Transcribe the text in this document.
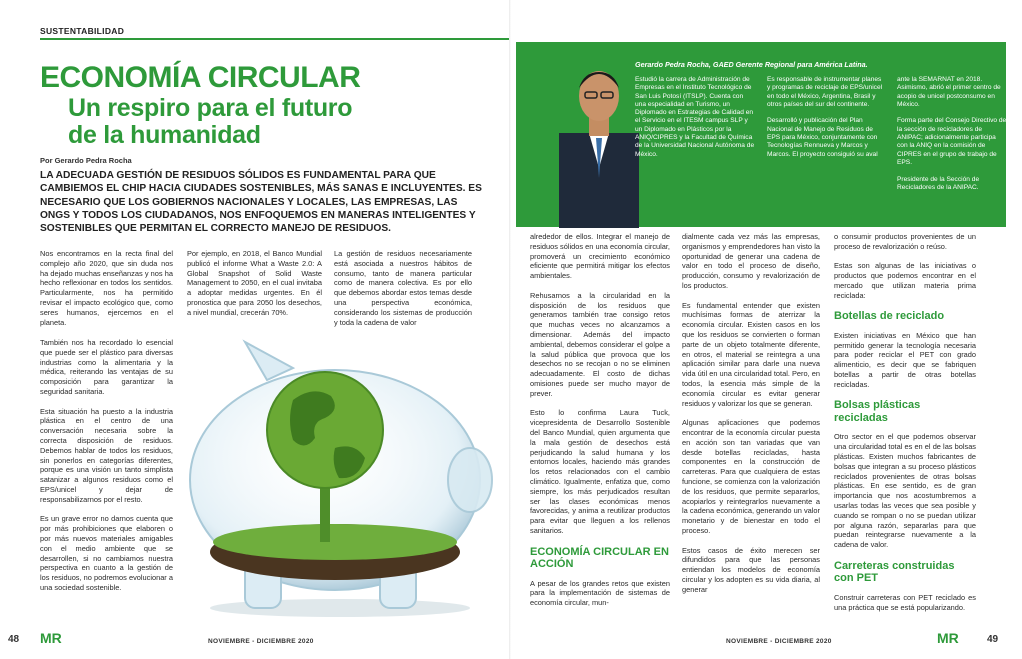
SUSTENTABILIDAD
ECONOMÍA CIRCULAR
Un respiro para el futuro de la humanidad
Por Gerardo Pedra Rocha
LA ADECUADA GESTIÓN DE RESIDUOS SÓLIDOS ES FUNDAMENTAL PARA QUE CAMBIEMOS EL CHIP HACIA CIUDADES SOSTENIBLES, MÁS SANAS E INCLUYENTES. ES NECESARIO QUE LOS GOBIERNOS NACIONALES Y LOCALES, LAS EMPRESAS, LAS ONGS Y TODOS LOS CIUDADANOS, NOS ENFOQUEMOS EN MANERAS INTELIGENTES Y SOSTENIBLES QUE PERMITAN EL CORRECTO MANEJO DE RESIDUOS.

Nos encontramos en la recta final del complejo año 2020, que sin duda nos ha dejado muchas enseñanzas y nos ha hecho reflexionar en todos los sentidos. Particularmente, nos ha permitido revisar el impacto ecológico que, como seres humanos, ejercemos en el planeta.

También nos ha recordado lo esencial que puede ser el plástico para diversas industrias como la alimentaria y la médica, reiterando las ventajas de su composición para garantizar la seguridad sanitaria.

Esta situación ha puesto a la industria plástica en el centro de una conversación necesaria sobre la correcta disposición de residuos. Debemos hablar de todos los residuos, sin ponerlos en categorías diferentes, porque es una visión un tanto simplista satanizar a algunos residuos como el EPS/unicel y dejar de responsabilizarnos por el resto.

Es un grave error no darnos cuenta que por más prohibiciones que elaboren o por más nuevos materiales amigables con el medio ambiente que se desarrollen, si no cambiamos nuestra perspectiva en cuanto a la gestión de los residuos, no podremos evolucionar a una sociedad sostenible.

Por ejemplo, en 2018, el Banco Mundial publicó el informe What a Waste 2.0: A Global Snapshot of Solid Waste Management to 2050, en el cual invitaba a adoptar medidas urgentes. En él pronostica que para 2050 los desechos, a nivel mundial, crecerán 70%.

La gestión de residuos necesariamente está asociada a nuestros hábitos de consumo, tanto de manera particular como de manera colectiva. Es por ello que debemos abordar estos temas desde una perspectiva económica, considerando los sistemas de producción y toda la cadena de valor

48 MR	NOVIEMBRE - DICIEMBRE 2020
Gerardo Pedra Rocha, GAED Gerente Regional para América Latina.

Estudió la carrera de Administración de Empresas en el Instituto Tecnológico de San Luis Potosí (ITSLP). Cuenta con una especialidad en Turismo, un Diplomado en Estrategias de Calidad en el Servicio en el ITESM campus SLP y un Diplomado en Plásticos por la ANIQ/CIPRES y la Facultad de Química de la Universidad Nacional Autónoma de México.

Es responsable de instrumentar planes y programas de reciclaje de EPS/unicel en todo el México, Argentina, Brasil y otros países del sur del continente.

Desarrolló y publicación del Plan Nacional de Manejo de Residuos de EPS para México, conjuntamente con Tecnologías Rennueva y Marcos y Marcos. El proyecto consiguió su aval

ante la SEMARNAT en 2018. Asimismo, abrió el primer centro de acopio de unicel postconsumo en México.

Forma parte del Consejo Directivo de la sección de recicladores de ANIPAC; adicionalmente participa con la ANIQ en la comisión de CIPRES en el grupo de trabajo de EPS.

Presidente de la Sección de Recicladores de la ANIPAC.

alrededor de ellos. Integrar el manejo de residuos sólidos en una economía circular, promoverá un crecimiento económico eficiente que permitirá mitigar los efectos ambientales.

Rehusarnos a la circularidad en la disposición de los residuos que generamos también trae consigo retos que muchas veces no alcanzamos a dimensionar. Además del impacto ambiental, debemos considerar el golpe a la salud pública que provoca que los desechos no se recojan o no se eliminen adecuadamente. El costo de dichas omisiones puede ser mucho mayor de prever.

Esto lo confirma Laura Tuck, vicepresidenta de Desarrollo Sostenible del Banco Mundial, quien argumenta que la mala gestión de desechos está perjudicando la salud humana y los entornos locales, haciendo más grandes los retos relacionados con el cambio climático. Igualmente, enfatiza que, como siempre, los más perjudicados resultan ser las clases económicas menos favorecidas, y anima a reutilizar productos para evitar que lleguen a los rellenos sanitarios.

ECONOMÍA CIRCULAR EN ACCIÓN

A pesar de los grandes retos que existen para la implementación de sistemas de economía circular, mun-

dialmente cada vez más las empresas, organismos y emprendedores han visto la oportunidad de generar una cadena de valor en todo el proceso de diseño, producción, consumo y revalorización de los productos.

Es fundamental entender que existen muchísimas formas de aterrizar la economía circular. Existen casos en los que los residuos se convierten o forman parte de un objeto totalmente diferente, en otros, el material se reintegra a una aplicación similar para darle una nueva vida útil en una circularidad total. Pero, en todos, la esencia más simple de la economía circular es evitar generar residuos y valorizar los que se generan.

Algunas aplicaciones que podemos encontrar de la economía circular puesta en acción son tan variadas que van desde botellas recicladas, hasta componentes en la construcción de carreteras. Para que cualquiera de estas funcione, se comienza con la valorización de los residuos, que permite separarlos, acopiarlos y reintegrarlos nuevamente a la cadena económica, generando un valor monetario y de bienestar en todo el proceso.

Estos casos de éxito merecen ser difundidos para que las personas entiendan los modelos de economía circular y los adopten es su vida diaria, al generar

o consumir productos provenientes de un proceso de revalorización o reúso.

Estas son algunas de las iniciativas o productos que podemos encontrar en el mercado que utilizan materia prima reciclada:

Botellas de reciclado

Existen iniciativas en México que han permitido generar la tecnología necesaria para poder reciclar el PET con grado alimenticio, es decir que se fabriquen botellas a partir de otras botellas recicladas.

Bolsas plásticas recicladas

Otro sector en el que podemos observar una circularidad total es en el de las bolsas plásticas. Existen muchos fabricantes de bolsas que integran a su proceso plásticos reciclados provenientes de otras bolsas plásticas. En ese sentido, es de gran importancia que nos acostumbremos a usarlas todas las veces que sea posible y cuando se rompan o no se puedan utilizar por alguna razón, separarlas para que puedan reintegrarse nuevamente a la cadena de valor.

Carreteras construidas con PET

Construir carreteras con PET reciclado es una práctica que se está popularizando.

NOVIEMBRE - DICIEMBRE 2020	MR	49
